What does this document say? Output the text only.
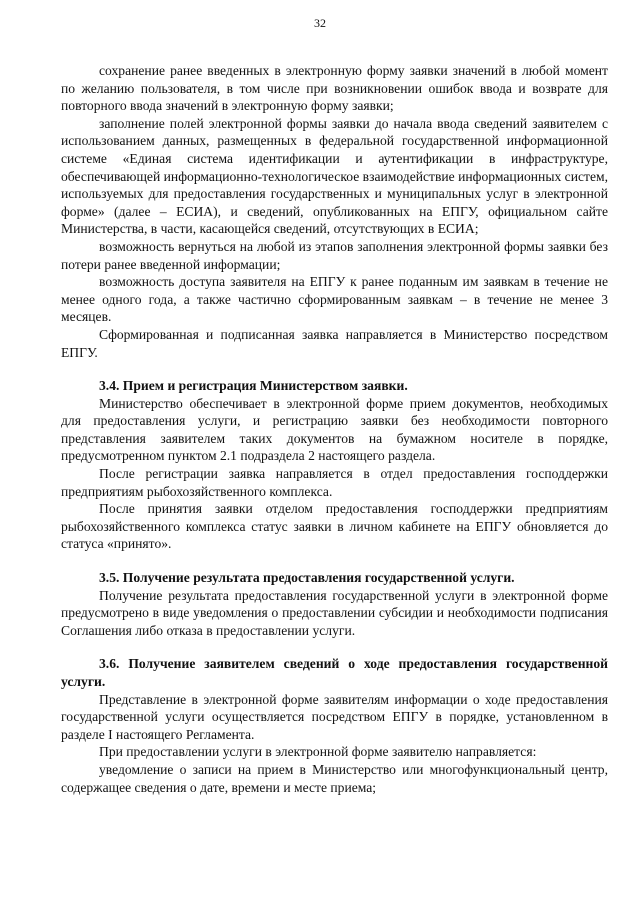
32

сохранение ранее введенных в электронную форму заявки значений в любой момент по желанию пользователя, в том числе при возникновении ошибок ввода и возврате для повторного ввода значений в электронную форму заявки;

заполнение полей электронной формы заявки до начала ввода сведений заявителем с использованием данных, размещенных в федеральной государственной информационной системе «Единая система идентификации и аутентификации в инфраструктуре, обеспечивающей информационно-технологическое взаимодействие информационных систем, используемых для предоставления государственных и муниципальных услуг в электронной форме» (далее – ЕСИА), и сведений, опубликованных на ЕПГУ, официальном сайте Министерства, в части, касающейся сведений, отсутствующих в ЕСИА;

возможность вернуться на любой из этапов заполнения электронной формы заявки без потери ранее введенной информации;

возможность доступа заявителя на ЕПГУ к ранее поданным им заявкам в течение не менее одного года, а также частично сформированным заявкам – в течение не менее 3 месяцев.

Сформированная и подписанная заявка направляется в Министерство посредством ЕПГУ.

3.4. Прием и регистрация Министерством заявки.

Министерство обеспечивает в электронной форме прием документов, необходимых для предоставления услуги, и регистрацию заявки без необходимости повторного представления заявителем таких документов на бумажном носителе в порядке, предусмотренном пунктом 2.1 подраздела 2 настоящего раздела.

После регистрации заявка направляется в отдел предоставления господдержки предприятиям рыбохозяйственного комплекса.

После принятия заявки отделом предоставления господдержки предприятиям рыбохозяйственного комплекса статус заявки в личном кабинете на ЕПГУ обновляется до статуса «принято».

3.5. Получение результата предоставления государственной услуги.

Получение результата предоставления государственной услуги в электронной форме предусмотрено в виде уведомления о предоставлении субсидии и необходимости подписания Соглашения либо отказа в предоставлении услуги.

3.6. Получение заявителем сведений о ходе предоставления государственной услуги.

Представление в электронной форме заявителям информации о ходе предоставления государственной услуги осуществляется посредством ЕПГУ в порядке, установленном в разделе I настоящего Регламента.

При предоставлении услуги в электронной форме заявителю направляется:

уведомление о записи на прием в Министерство или многофункциональный центр, содержащее сведения о дате, времени и месте приема;
